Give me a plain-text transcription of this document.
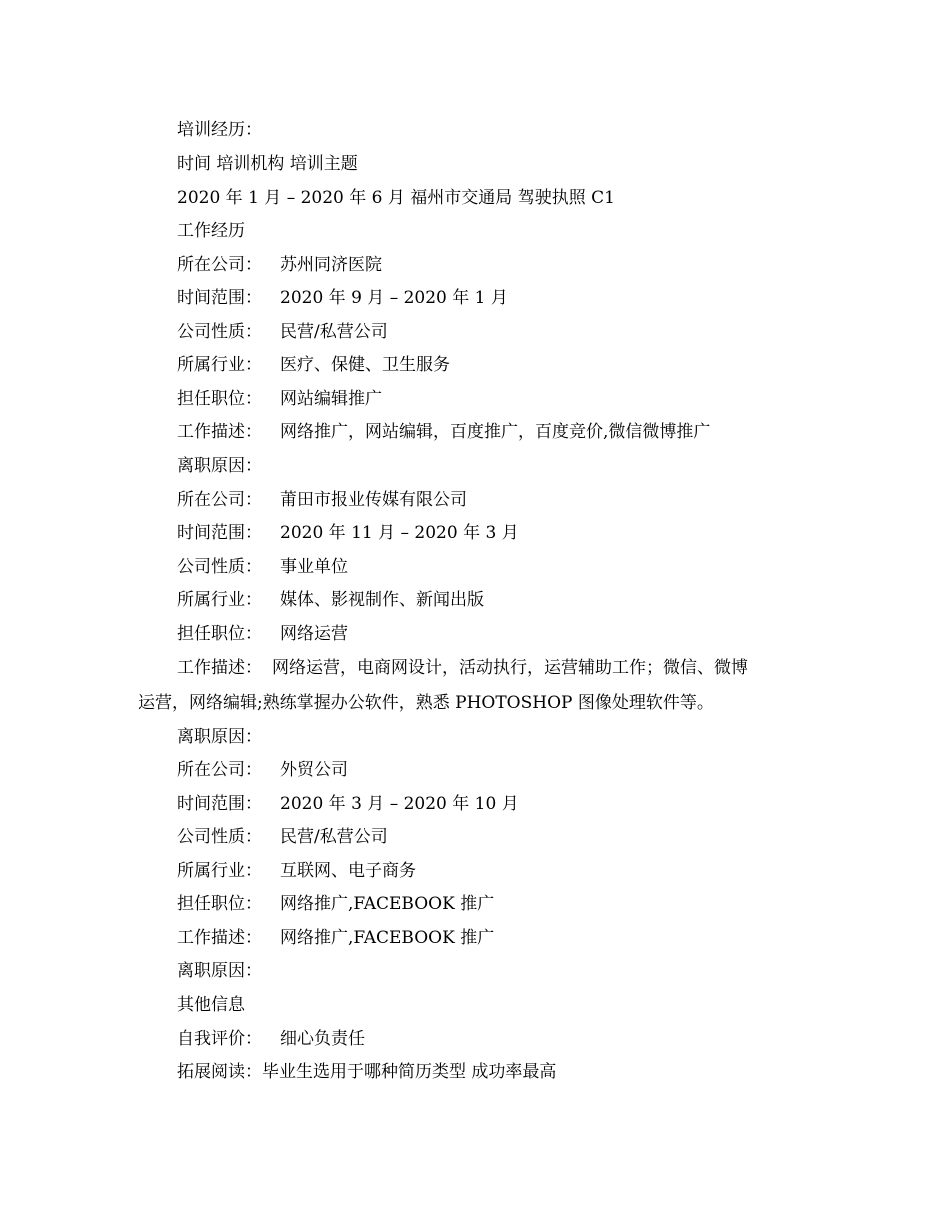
培训经历：
时间 培训机构 培训主题
2020 年 1 月 – 2020 年 6 月 福州市交通局 驾驶执照 C1
工作经历
所在公司： 苏州同济医院
时间范围： 2020 年 9 月 – 2020 年 1 月
公司性质： 民营/私营公司
所属行业： 医疗、保健、卫生服务
担任职位： 网站编辑推广
工作描述： 网络推广，网站编辑，百度推广，百度竞价,微信微博推广
离职原因：
所在公司： 莆田市报业传媒有限公司
时间范围： 2020 年 11 月 – 2020 年 3 月
公司性质： 事业单位
所属行业： 媒体、影视制作、新闻出版
担任职位： 网络运营
工作描述： 网络运营，电商网设计，活动执行，运营辅助工作；微信、微博
运营，网络编辑;熟练掌握办公软件，熟悉 PHOTOSHOP 图像处理软件等。
离职原因：
所在公司： 外贸公司
时间范围： 2020 年 3 月 – 2020 年 10 月
公司性质： 民营/私营公司
所属行业： 互联网、电子商务
担任职位： 网络推广,FACEBOOK 推广
工作描述： 网络推广,FACEBOOK 推广
离职原因：
其他信息
自我评价： 细心负责任
拓展阅读：毕业生选用于哪种简历类型 成功率最高
